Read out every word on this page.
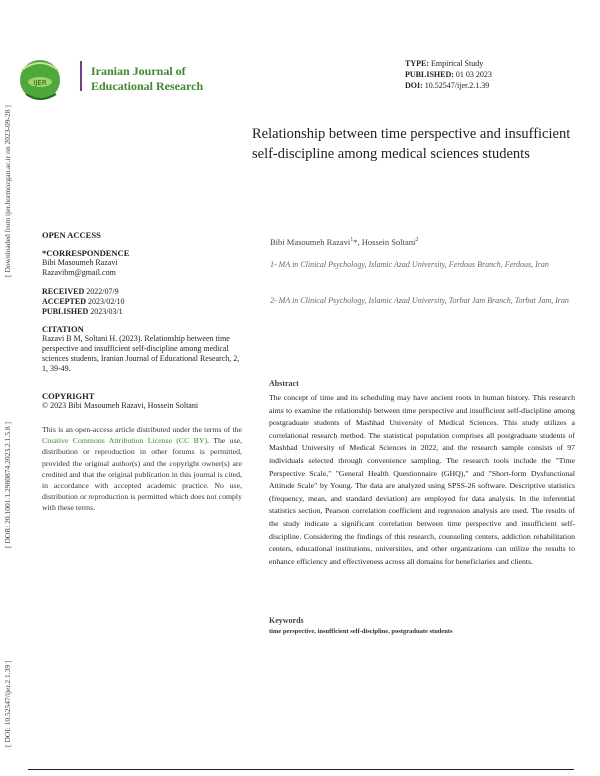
[ Downloaded from ijer.hormozgan.ac.ir on 2023-09-28 ]
[ DOR: 20.1001.1.2980874.2023.2.1.5.8 ]
[ DOI: 10.52547/ijer.2.1.39 ]
IJER
Iranian Journal of
Educational Research
TYPE: Empirical Study
PUBLISHED: 01 03 2023
DOI: 10.52547/ijer.2.1.39
Relationship between time perspective and insufficient self-discipline among medical sciences students
Bibi Masoumeh Razavi$^1$*, Hossein Soltani$^2$
1- MA in Clinical Psychology, Islamic Azad University, Ferdous Branch, Ferdous, Iran
2- MA in Clinical Psychology, Islamic Azad University, Torbat Jam Branch, Torbat Jam, Iran
OPEN ACCESS
*CORRESPONDENCE
Bibi Masoumeh Razavi
Razavibm@gmail.com
RECEIVED 2022/07/9
ACCEPTED 2023/02/10
PUBLISHED 2023/03/1
CITATION
Razavi B M, Soltani H. (2023). Relationship between time perspective and insufficient self-discipline among medical sciences students, Iranian Journal of Educational Research, 2, 1, 39-49.
COPYRIGHT
© 2023 Bibi Masoumeh Razavi, Hossein Soltani
This is an open-access article distributed under the terms of the Creative Commons Attribution License (CC BY). The use, distribution or reproduction in other forums is permitted, provided the original author(s) and the copyright owner(s) are credited and that the original publication in this journal is cited, in accordance with accepted academic practice. No use, distribution or reproduction is permitted which does not comply with these terms.
Abstract
The concept of time and its scheduling may have ancient roots in human history. This research aims to examine the relationship between time perspective and insufficient self-discipline among postgraduate students of Mashhad University of Medical Sciences. This study utilizes a correlational research method. The statistical population comprises all postgraduate students of Mashhad University of Medical Sciences in 2022, and the research sample consists of 97 individuals selected through convenience sampling. The research tools include the "Time Perspective Scale," "General Health Questionnaire (GHQ)," and "Short-form Dysfunctional Attitude Scale" by Young. The data are analyzed using SPSS-26 software. Descriptive statistics (frequency, mean, and standard deviation) are employed for data analysis. In the inferential statistics section, Pearson correlation coefficient and regression analysis are used. The results of the study indicate a significant correlation between time perspective and insufficient self-discipline. Considering the findings of this research, counseling centers, addiction rehabilitation centers, educational institutions, universities, and other organizations can utilize the results to enhance efficiency and effectiveness across all domains for beneficiaries and clients.
Keywords
time perspective, insufficient self-discipline, postgraduate students
